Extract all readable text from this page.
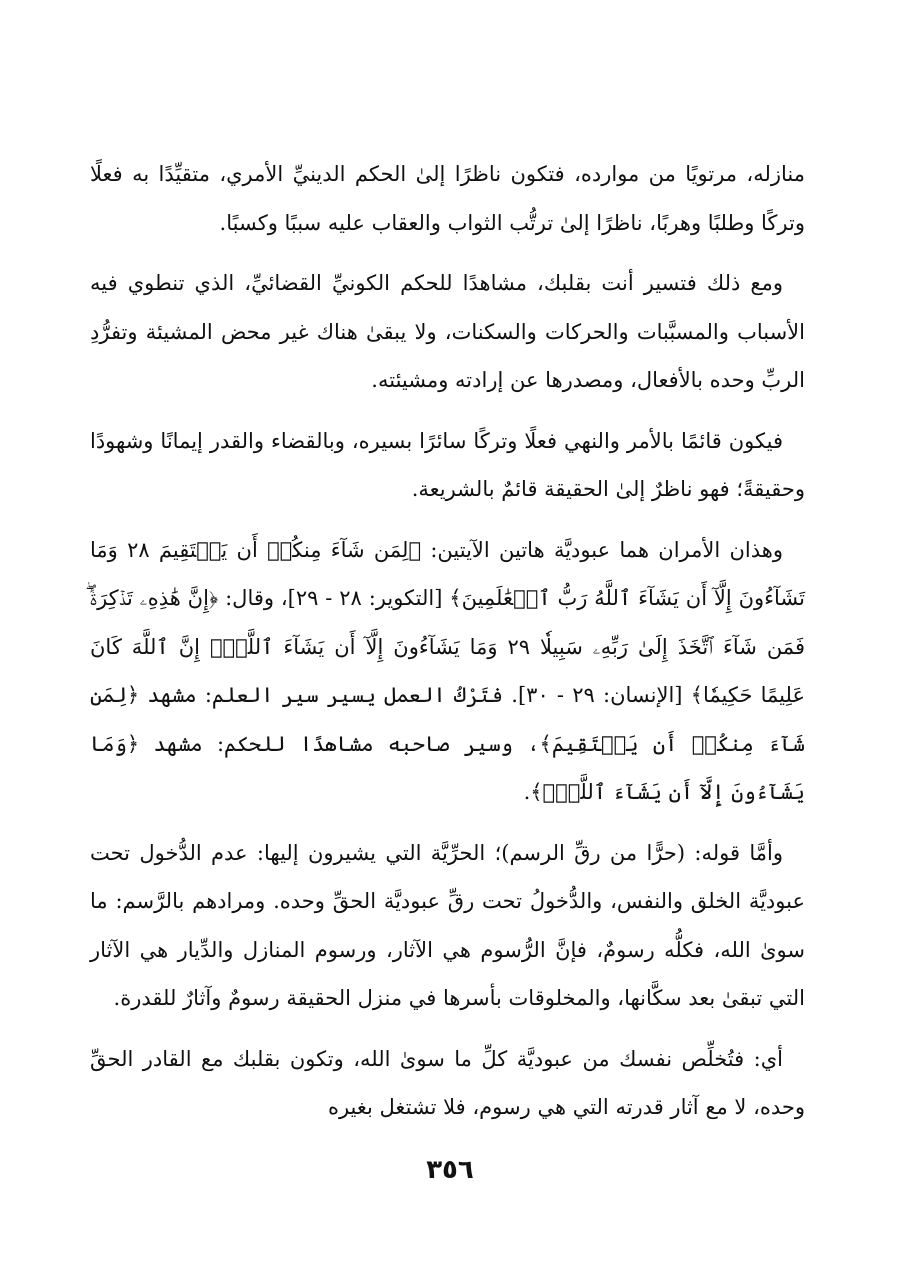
منازله، مرتويًا من موارده، فتكون ناظرًا إلىٰ الحكم الدينيِّ الأمري، متقيِّدًا به فعلًا وتركًا وطلبًا وهربًا، ناظرًا إلىٰ ترتُّب الثواب والعقاب عليه سببًا وكسبًا.

ومع ذلك فتسير أنت بقلبك، مشاهدًا للحكم الكونيِّ القضائيِّ، الذي تنطوي فيه الأسباب والمسبَّبات والحركات والسكنات، ولا يبقىٰ هناك غير محض المشيئة وتفرُّدِ الربِّ وحده بالأفعال، ومصدرها عن إرادته ومشيئته.

فيكون قائمًا بالأمر والنهي فعلًا وتركًا سائرًا بسيره، وبالقضاء والقدر إيمانًا وشهودًا وحقيقةً؛ فهو ناظرٌ إلىٰ الحقيقة قائمٌ بالشريعة.

وهذان الأمران هما عبوديَّة هاتين الآيتين: ﴿لِمَن شَآءَ مِنكُمۡ أَن يَسۡتَقِيمَ ٢٨ وَمَا تَشَآءُونَ إِلَّآ أَن يَشَآءَ ٱللَّهُ رَبُّ ٱلۡعَٰلَمِينَ﴾ [التكوير: ٢٨ - ٢٩]، وقال: ﴿إِنَّ هَٰذِهِۦ تَذۡكِرَةٞۖ فَمَن شَآءَ ٱتَّخَذَ إِلَىٰ رَبِّهِۦ سَبِيلٗا ٢٩ وَمَا يَشَآءُونَ إِلَّآ أَن يَشَآءَ ٱللَّهُۚ إِنَّ ٱللَّهَ كَانَ عَلِيمًا حَكِيمٗا﴾ [الإنسان: ٢٩ - ٣٠]. فتَرْكُ العمل يسير سير العلم: مشهد ﴿لِمَن شَآءَ مِنكُمۡ أَن يَسۡتَقِيمَ﴾، وسير صاحبه مشاهدًا للحكم: مشهد ﴿وَمَا يَشَآءُونَ إِلَّآ أَن يَشَآءَ ٱللَّهُۚ﴾.

وأمَّا قوله: (حرًّا من رقِّ الرسم)؛ الحرِّيَّة التي يشيرون إليها: عدم الدُّخول تحت عبوديَّة الخلق والنفس، والدُّخولُ تحت رقِّ عبوديَّة الحقِّ وحده. ومرادهم بالرَّسم: ما سوىٰ الله، فكلُّه رسومٌ، فإنَّ الرُّسوم هي الآثار، ورسوم المنازل والدِّيار هي الآثار التي تبقىٰ بعد سكَّانها، والمخلوقات بأسرها في منزل الحقيقة رسومٌ وآثارٌ للقدرة.

أي: فتُخلِّص نفسك من عبوديَّة كلِّ ما سوىٰ الله، وتكون بقلبك مع القادر الحقِّ وحده، لا مع آثار قدرته التي هي رسوم، فلا تشتغل بغيره

٣٥٦
